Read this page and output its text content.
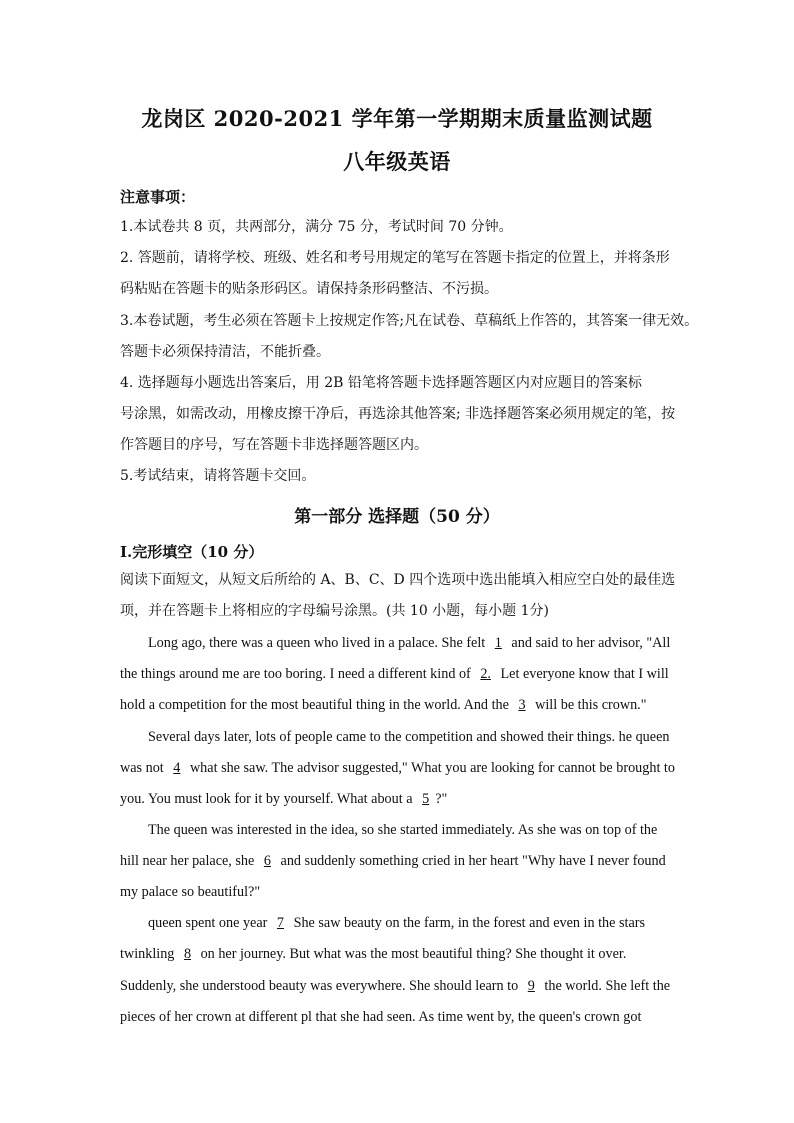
龙岗区 2020-2021 学年第一学期期末质量监测试题
八年级英语
注意事项：
1.本试卷共 8 页，共两部分，满分 75 分，考试时间 70 分钟。
2. 答题前，请将学校、班级、姓名和考号用规定的笔写在答题卡指定的位置上，并将条形
码粘贴在答题卡的贴条形码区。请保持条形码整洁、不污损。
3.本卷试题，考生必须在答题卡上按规定作答;凡在试卷、草稿纸上作答的，其答案一律无效。
答题卡必须保持清洁，不能折叠。
4. 选择题每小题选出答案后，用 2B 铅笔将答题卡选择题答题区内对应题目的答案标
号涂黑，如需改动，用橡皮擦干净后，再选涂其他答案; 非选择题答案必须用规定的笔，按
作答题目的序号，写在答题卡非选择题答题区内。
5.考试结束，请将答题卡交回。
第一部分 选择题（50 分）
I.完形填空（10 分）
阅读下面短文，从短文后所给的 A、B、C、D 四个选项中选出能填入相应空白处的最佳选
项，并在答题卡上将相应的字母编号涂黑。(共 10 小题，每小题 1分)
Long ago, there was a queen who lived in a palace. She felt 1 and said to her advisor, "All
the things around me are too boring. I need a different kind of 2. Let everyone know that I will
hold a competition for the most beautiful thing in the world. And the 3 will be this crown."
Several days later, lots of people came to the competition and showed their things. he queen
was not 4 what she saw. The advisor suggested," What you are looking for cannot be brought to
you. You must look for it by yourself. What about a 5 ?"
The queen was interested in the idea, so she started immediately. As she was on top of the
hill near her palace, she 6 and suddenly something cried in her heart "Why have I never found
my palace so beautiful?"
queen spent one year 7 She saw beauty on the farm, in the forest and even in the stars
twinkling 8 on her journey. But what was the most beautiful thing? She thought it over.
Suddenly, she understood beauty was everywhere. She should learn to 9 the world. She left the
pieces of her crown at different pl that she had seen. As time went by, the queen's crown got
